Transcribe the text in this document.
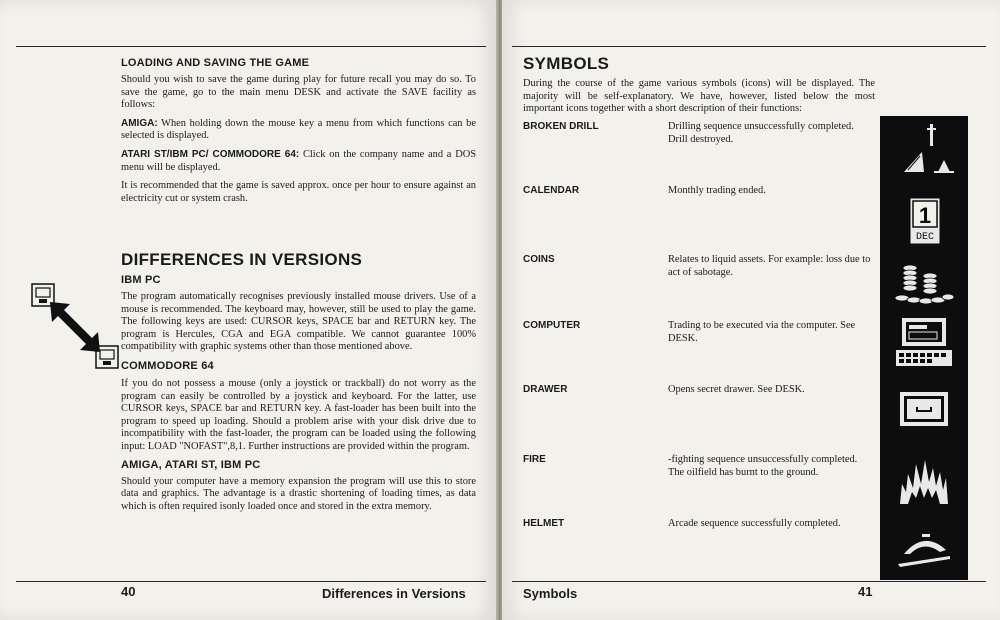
LOADING AND SAVING THE GAME

Should you wish to save the game during play for future recall you may do so. To save the game, go to the main menu DESK and activate the SAVE facility as follows:

AMIGA: When holding down the mouse key a menu from which functions can be selected is displayed.

ATARI ST/IBM PC/ COMMODORE 64: Click on the company name and a DOS menu will be displayed.

It is recommended that the game is saved approx. once per hour to ensure against an electricity cut or system crash.

DIFFERENCES IN VERSIONS
IBM PC

The program automatically recognises previously installed mouse drivers. Use of a mouse is recommended. The keyboard may, however, still be used to play the game. The following keys are used: CURSOR keys, SPACE bar and RETURN key. The program is Hercules, CGA and EGA compatible. We cannot guarantee 100% compatibility with graphic systems other than those mentioned above.

COMMODORE 64

If you do not possess a mouse (only a joystick or trackball) do not worry as the program can easily be controlled by a joystick and keyboard. For the latter, use CURSOR keys, SPACE bar and RETURN key. A fast-loader has been built into the program to speed up loading. Should a problem arise with your disk drive due to incompatibility with the fast-loader, the program can be loaded using the following input: LOAD "NOFAST",8,1. Further instructions are provided within the program.

AMIGA, ATARI ST, IBM PC

Should your computer have a memory expansion the program will use this to store data and graphics. The advantage is a drastic shortening of loading times, as data which is often required isonly loaded once and stored in the extra memory.

40	Differences in Versions
SYMBOLS

During the course of the game various symbols (icons) will be displayed. The majority will be self-explanatory. We have, however, listed below the most important icons together with a short description of their functions:

BROKEN DRILL	Drilling sequence unsuccessfully completed. Drill destroyed.
CALENDAR	Monthly trading ended.
COINS	Relates to liquid assets. For example: loss due to act of sabotage.
COMPUTER	Trading to be executed via the computer. See DESK.
DRAWER	Opens secret drawer. See DESK.
FIRE	-fighting sequence unsuccessfully completed. The oilfield has burnt to the ground.
HELMET	Arcade sequence successfully completed.
1
DEC
Symbols	41
